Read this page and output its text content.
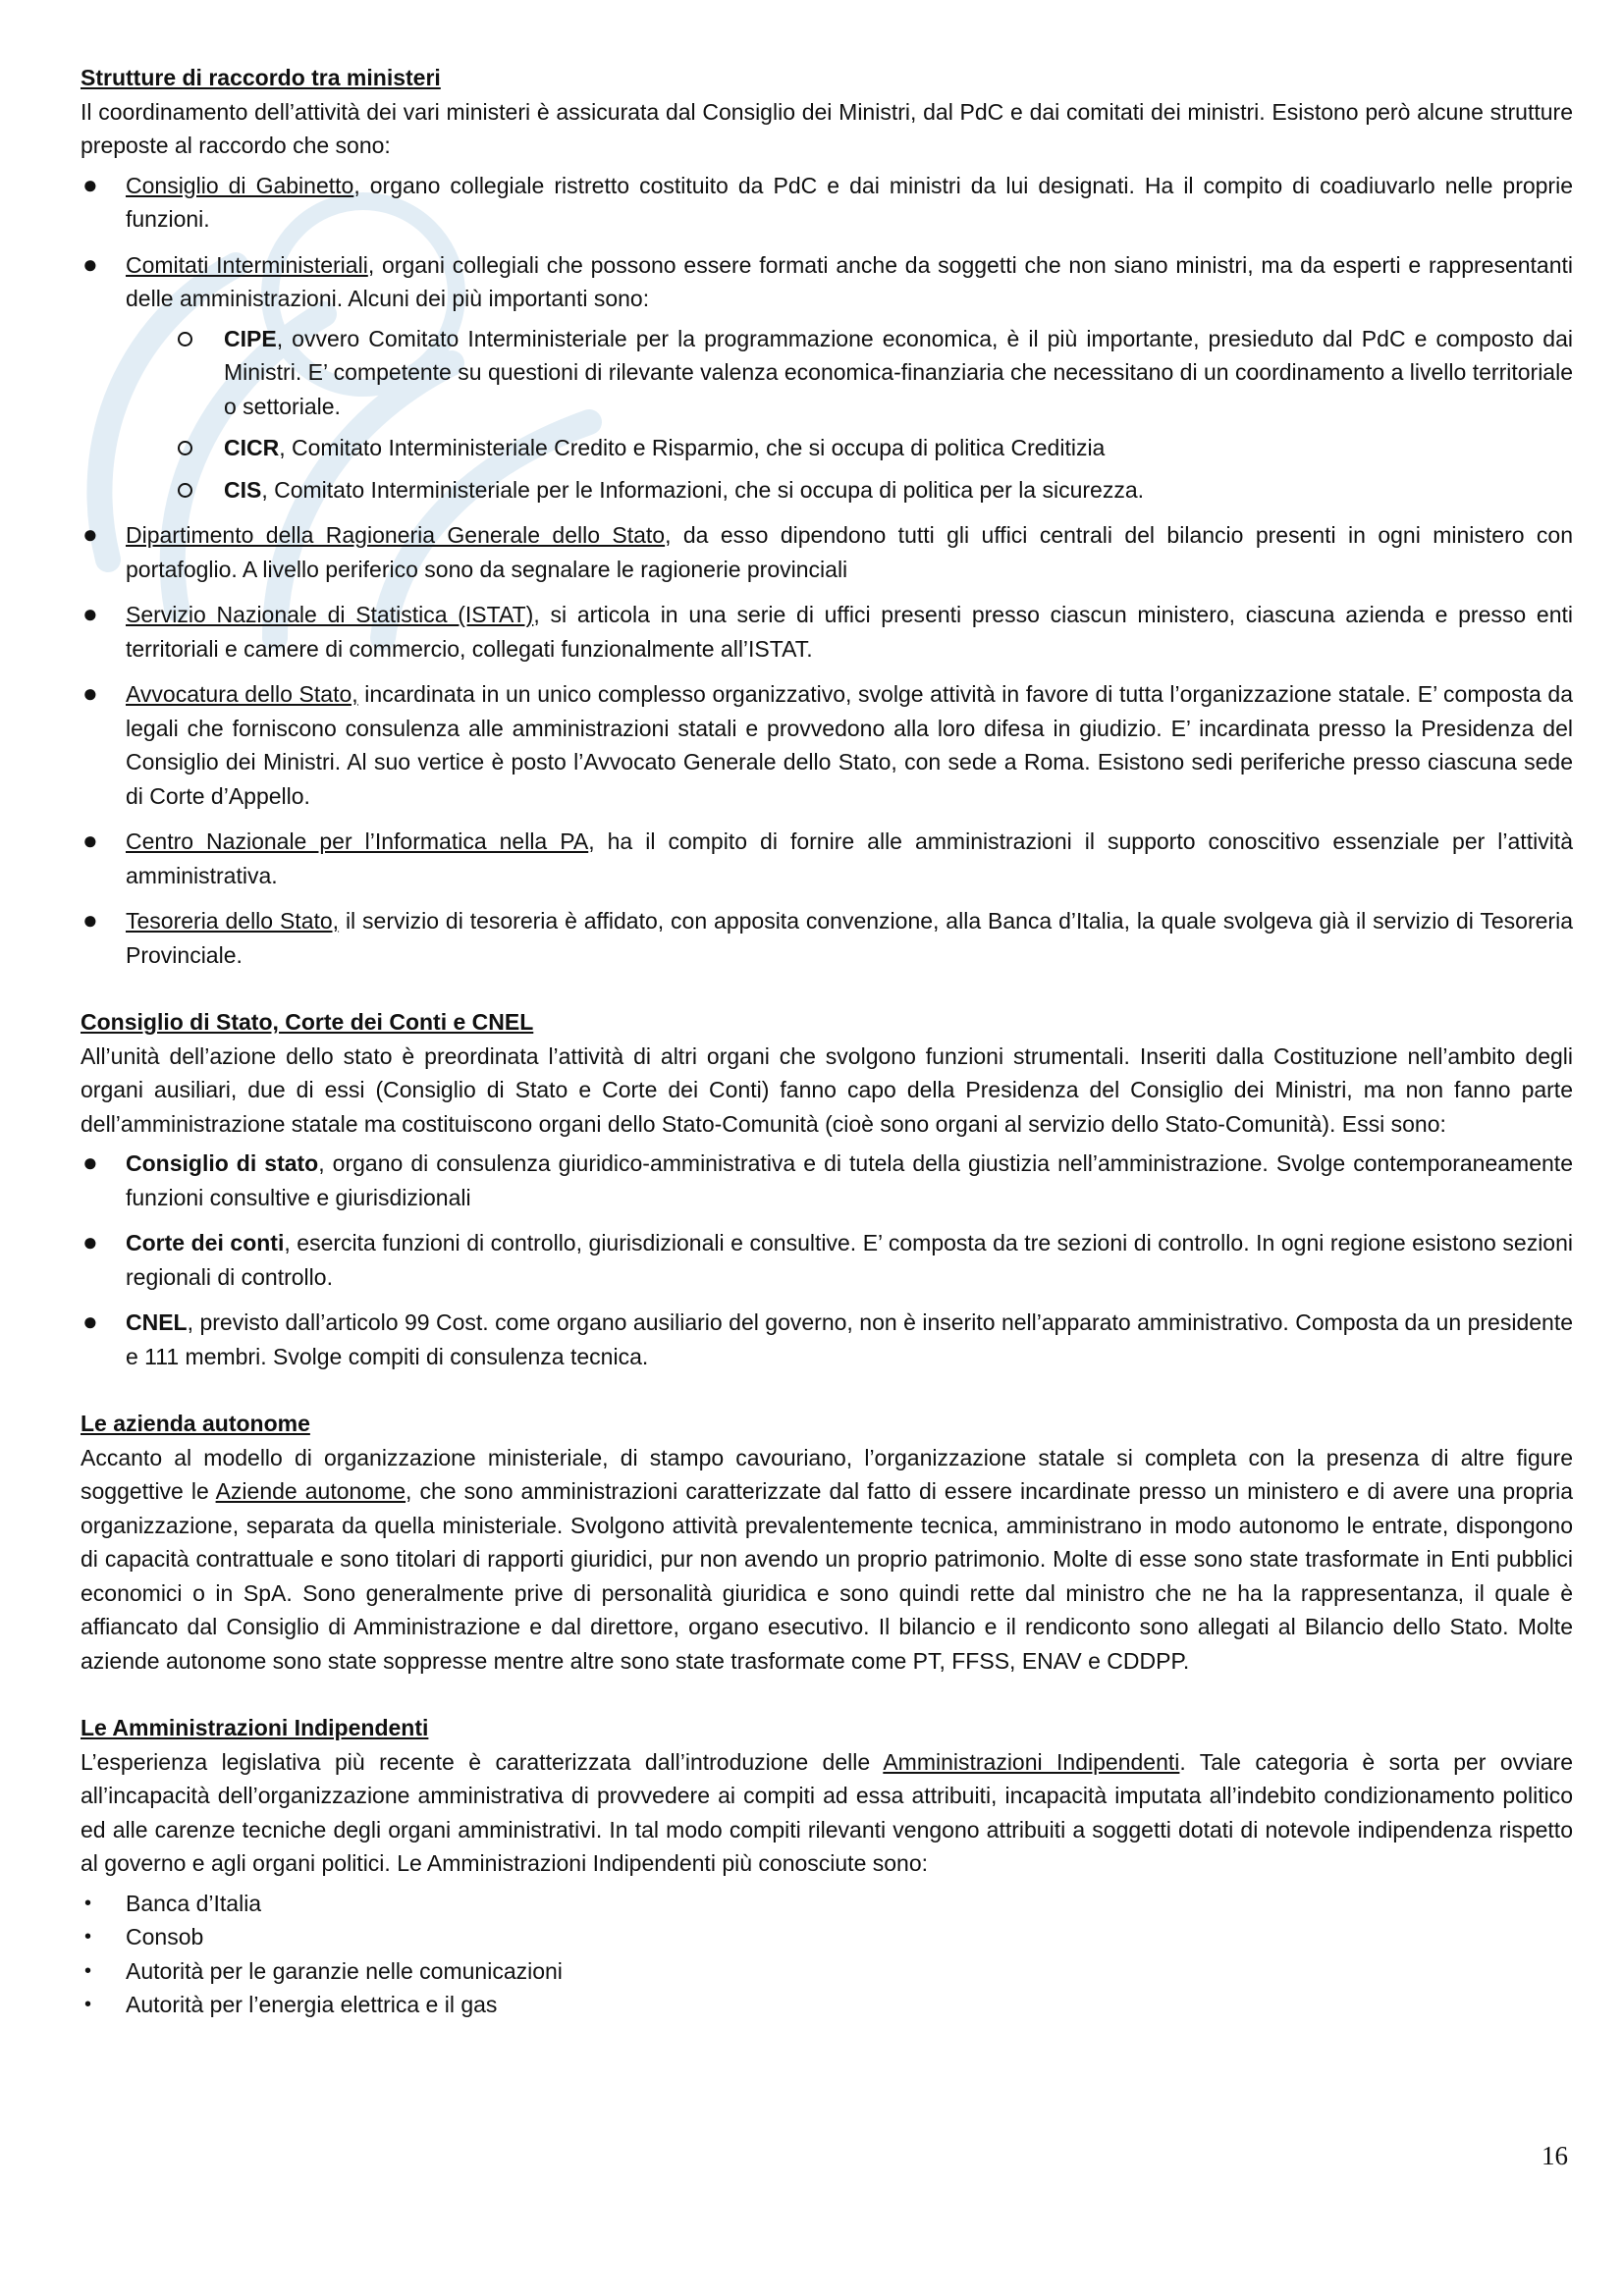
Strutture di raccordo tra ministeri

Il coordinamento dell’attività dei vari ministeri è assicurata dal Consiglio dei Ministri, dal PdC e dai comitati dei ministri. Esistono però alcune strutture preposte al raccordo che sono:

● Consiglio di Gabinetto, organo collegiale ristretto costituito da PdC e dai ministri da lui designati. Ha il compito di coadiuvarlo nelle proprie funzioni.
● Comitati Interministeriali, organi collegiali che possono essere formati anche da soggetti che non siano ministri, ma da esperti e rappresentanti delle amministrazioni. Alcuni dei più importanti sono:
CIPE, ovvero Comitato Interministeriale per la programmazione economica, è il più importante, presieduto dal PdC e composto dai Ministri. E’ competente su questioni di rilevante valenza economica-finanziaria che necessitano di un coordinamento a livello territoriale o settoriale.
CICR, Comitato Interministeriale Credito e Risparmio, che si occupa di politica Creditizia
CIS, Comitato Interministeriale per le Informazioni, che si occupa di politica per la sicurezza.
● Dipartimento della Ragioneria Generale dello Stato, da esso dipendono tutti gli uffici centrali del bilancio presenti in ogni ministero con portafoglio. A livello periferico sono da segnalare le ragionerie provinciali
● Servizio Nazionale di Statistica (ISTAT), si articola in una serie di uffici presenti presso ciascun ministero, ciascuna azienda e presso enti territoriali e camere di commercio, collegati funzionalmente all’ISTAT.
● Avvocatura dello Stato, incardinata in un unico complesso organizzativo, svolge attività in favore di tutta l’organizzazione statale. E’ composta da legali che forniscono consulenza alle amministrazioni statali e provvedono alla loro difesa in giudizio. E’ incardinata presso la Presidenza del Consiglio dei Ministri. Al suo vertice è posto l’Avvocato Generale dello Stato, con sede a Roma. Esistono sedi periferiche presso ciascuna sede di Corte d’Appello.
● Centro Nazionale per l’Informatica nella PA, ha il compito di fornire alle amministrazioni il supporto conoscitivo essenziale per l’attività amministrativa.
● Tesoreria dello Stato, il servizio di tesoreria è affidato, con apposita convenzione, alla Banca d’Italia, la quale svolgeva già il servizio di Tesoreria Provinciale.

Consiglio di Stato, Corte dei Conti e CNEL

All’unità dell’azione dello stato è preordinata l’attività di altri organi che svolgono funzioni strumentali. Inseriti dalla Costituzione nell’ambito degli organi ausiliari, due di essi (Consiglio di Stato e Corte dei Conti) fanno capo della Presidenza del Consiglio dei Ministri, ma non fanno parte dell’amministrazione statale ma costituiscono organi dello Stato-Comunità (cioè sono organi al servizio dello Stato-Comunità). Essi sono:

● Consiglio di stato, organo di consulenza giuridico-amministrativa e di tutela della giustizia nell’amministrazione. Svolge contemporaneamente funzioni consultive e giurisdizionali
● Corte dei conti, esercita funzioni di controllo, giurisdizionali e consultive. E’ composta da tre sezioni di controllo. In ogni regione esistono sezioni regionali di controllo.
● CNEL, previsto dall’articolo 99 Cost. come organo ausiliario del governo, non è inserito nell’apparato amministrativo. Composta da un presidente e 111 membri. Svolge compiti di consulenza tecnica.

Le azienda autonome

Accanto al modello di organizzazione ministeriale, di stampo cavouriano, l’organizzazione statale si completa con la presenza di altre figure soggettive le Aziende autonome, che sono amministrazioni caratterizzate dal fatto di essere incardinate presso un ministero e di avere una propria organizzazione, separata da quella ministeriale. Svolgono attività prevalentemente tecnica, amministrano in modo autonomo le entrate, dispongono di capacità contrattuale e sono titolari di rapporti giuridici, pur non avendo un proprio patrimonio. Molte di esse sono state trasformate in Enti pubblici economici o in SpA. Sono generalmente prive di personalità giuridica e sono quindi rette dal ministro che ne ha la rappresentanza, il quale è affiancato dal Consiglio di Amministrazione e dal direttore, organo esecutivo. Il bilancio e il rendiconto sono allegati al Bilancio dello Stato. Molte aziende autonome sono state soppresse mentre altre sono state trasformate come PT, FFSS, ENAV e CDDPP.

Le Amministrazioni Indipendenti

L’esperienza legislativa più recente è caratterizzata dall’introduzione delle Amministrazioni Indipendenti. Tale categoria è sorta per ovviare all’incapacità dell’organizzazione amministrativa di provvedere ai compiti ad essa attribuiti, incapacità imputata all’indebito condizionamento politico ed alle carenze tecniche degli organi amministrativi. In tal modo compiti rilevanti vengono attribuiti a soggetti dotati di notevole indipendenza rispetto al governo e agli organi politici. Le Amministrazioni Indipendenti più conosciute sono:

• Banca d’Italia
• Consob
• Autorità per le garanzie nelle comunicazioni
• Autorità per l’energia elettrica e il gas
16
